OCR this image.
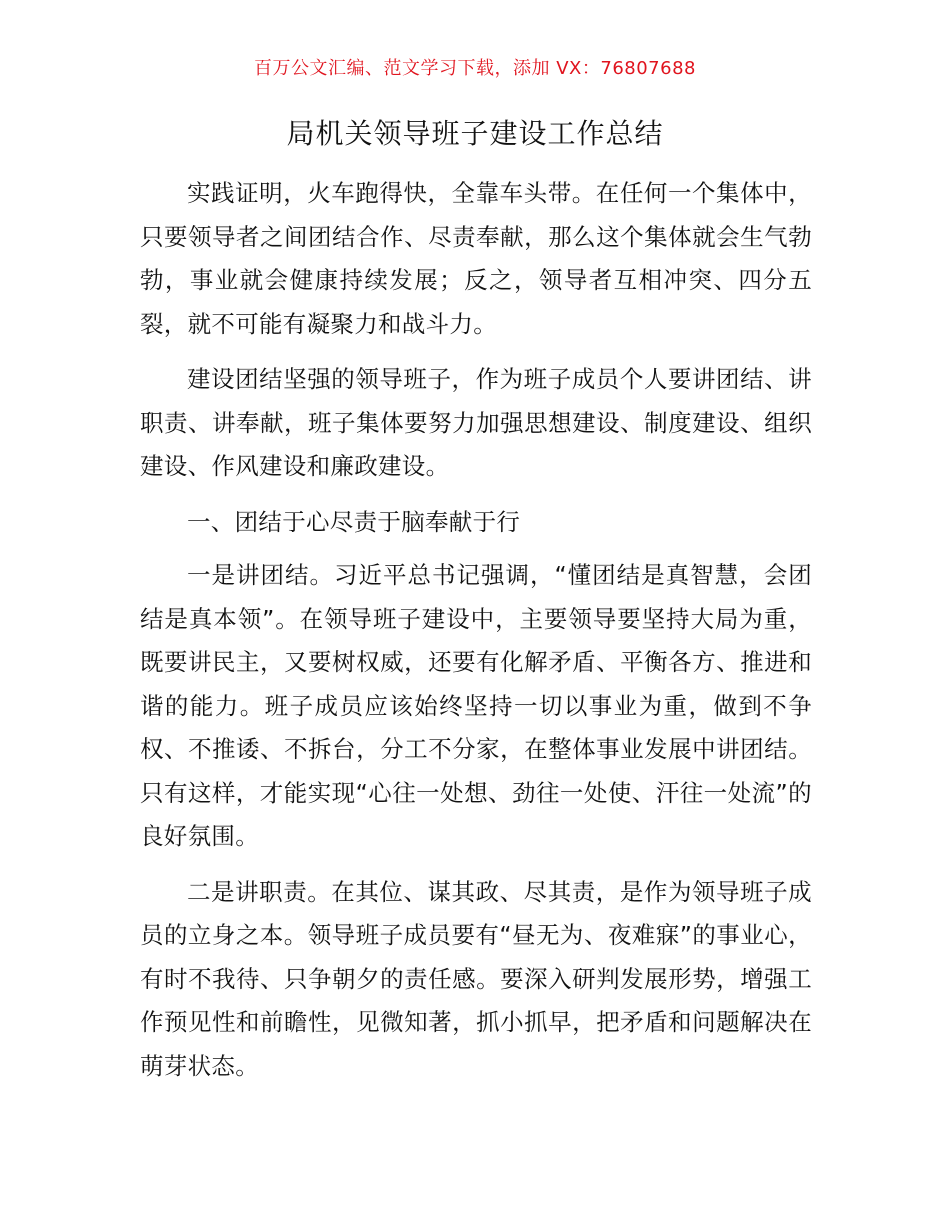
百万公文汇编、范文学习下载，添加 VX：76807688
局机关领导班子建设工作总结

实践证明，火车跑得快，全靠车头带。在任何一个集体中，只要领导者之间团结合作、尽责奉献，那么这个集体就会生气勃勃，事业就会健康持续发展；反之，领导者互相冲突、四分五裂，就不可能有凝聚力和战斗力。

建设团结坚强的领导班子，作为班子成员个人要讲团结、讲职责、讲奉献，班子集体要努力加强思想建设、制度建设、组织建设、作风建设和廉政建设。

一、团结于心尽责于脑奉献于行

一是讲团结。习近平总书记强调，“懂团结是真智慧，会团结是真本领”。在领导班子建设中，主要领导要坚持大局为重，既要讲民主，又要树权威，还要有化解矛盾、平衡各方、推进和谐的能力。班子成员应该始终坚持一切以事业为重，做到不争权、不推诿、不拆台，分工不分家，在整体事业发展中讲团结。只有这样，才能实现“心往一处想、劲往一处使、汗往一处流”的良好氛围。

二是讲职责。在其位、谋其政、尽其责，是作为领导班子成员的立身之本。领导班子成员要有“昼无为、夜难寐”的事业心，有时不我待、只争朝夕的责任感。要深入研判发展形势，增强工作预见性和前瞻性，见微知著，抓小抓早，把矛盾和问题解决在萌芽状态。
